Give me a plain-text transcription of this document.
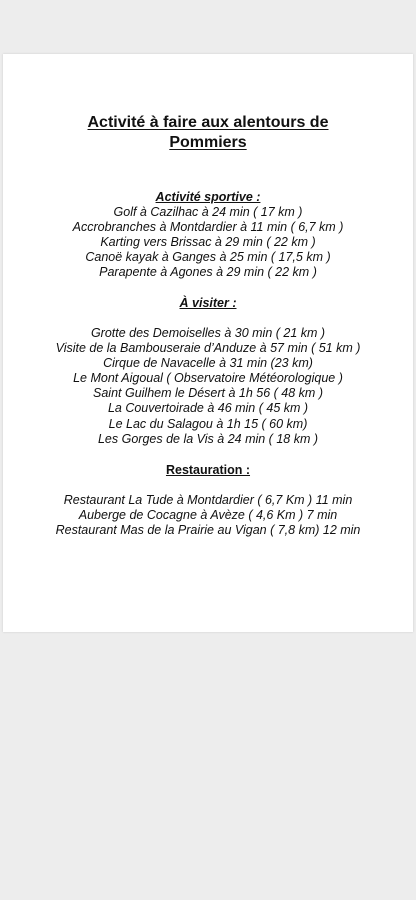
Activité à faire aux alentours de
Pommiers
Activité sportive :
Golf à Cazilhac à 24 min ( 17 km )
Accrobranches à Montdardier à 11 min ( 6,7 km )
Karting vers Brissac à 29 min ( 22 km )
Canoë kayak à Ganges à 25 min ( 17,5 km )
Parapente à Agones à 29 min ( 22 km )
À visiter :
Grotte des Demoiselles à 30 min ( 21 km )
Visite de la Bambouseraie d’Anduze à 57 min ( 51 km )
Cirque de Navacelle à 31 min (23 km)
Le Mont Aigoual ( Observatoire Météorologique )
Saint Guilhem le Désert à 1h 56 ( 48 km )
La Couvertoirade à 46 min ( 45 km )
Le Lac du Salagou à 1h 15 ( 60 km)
Les Gorges de la Vis à 24 min ( 18 km )
Restauration :
Restaurant La Tude à Montdardier ( 6,7 Km ) 11 min
Auberge de Cocagne à Avèze ( 4,6 Km ) 7 min
Restaurant Mas de la Prairie au Vigan ( 7,8 km) 12 min
